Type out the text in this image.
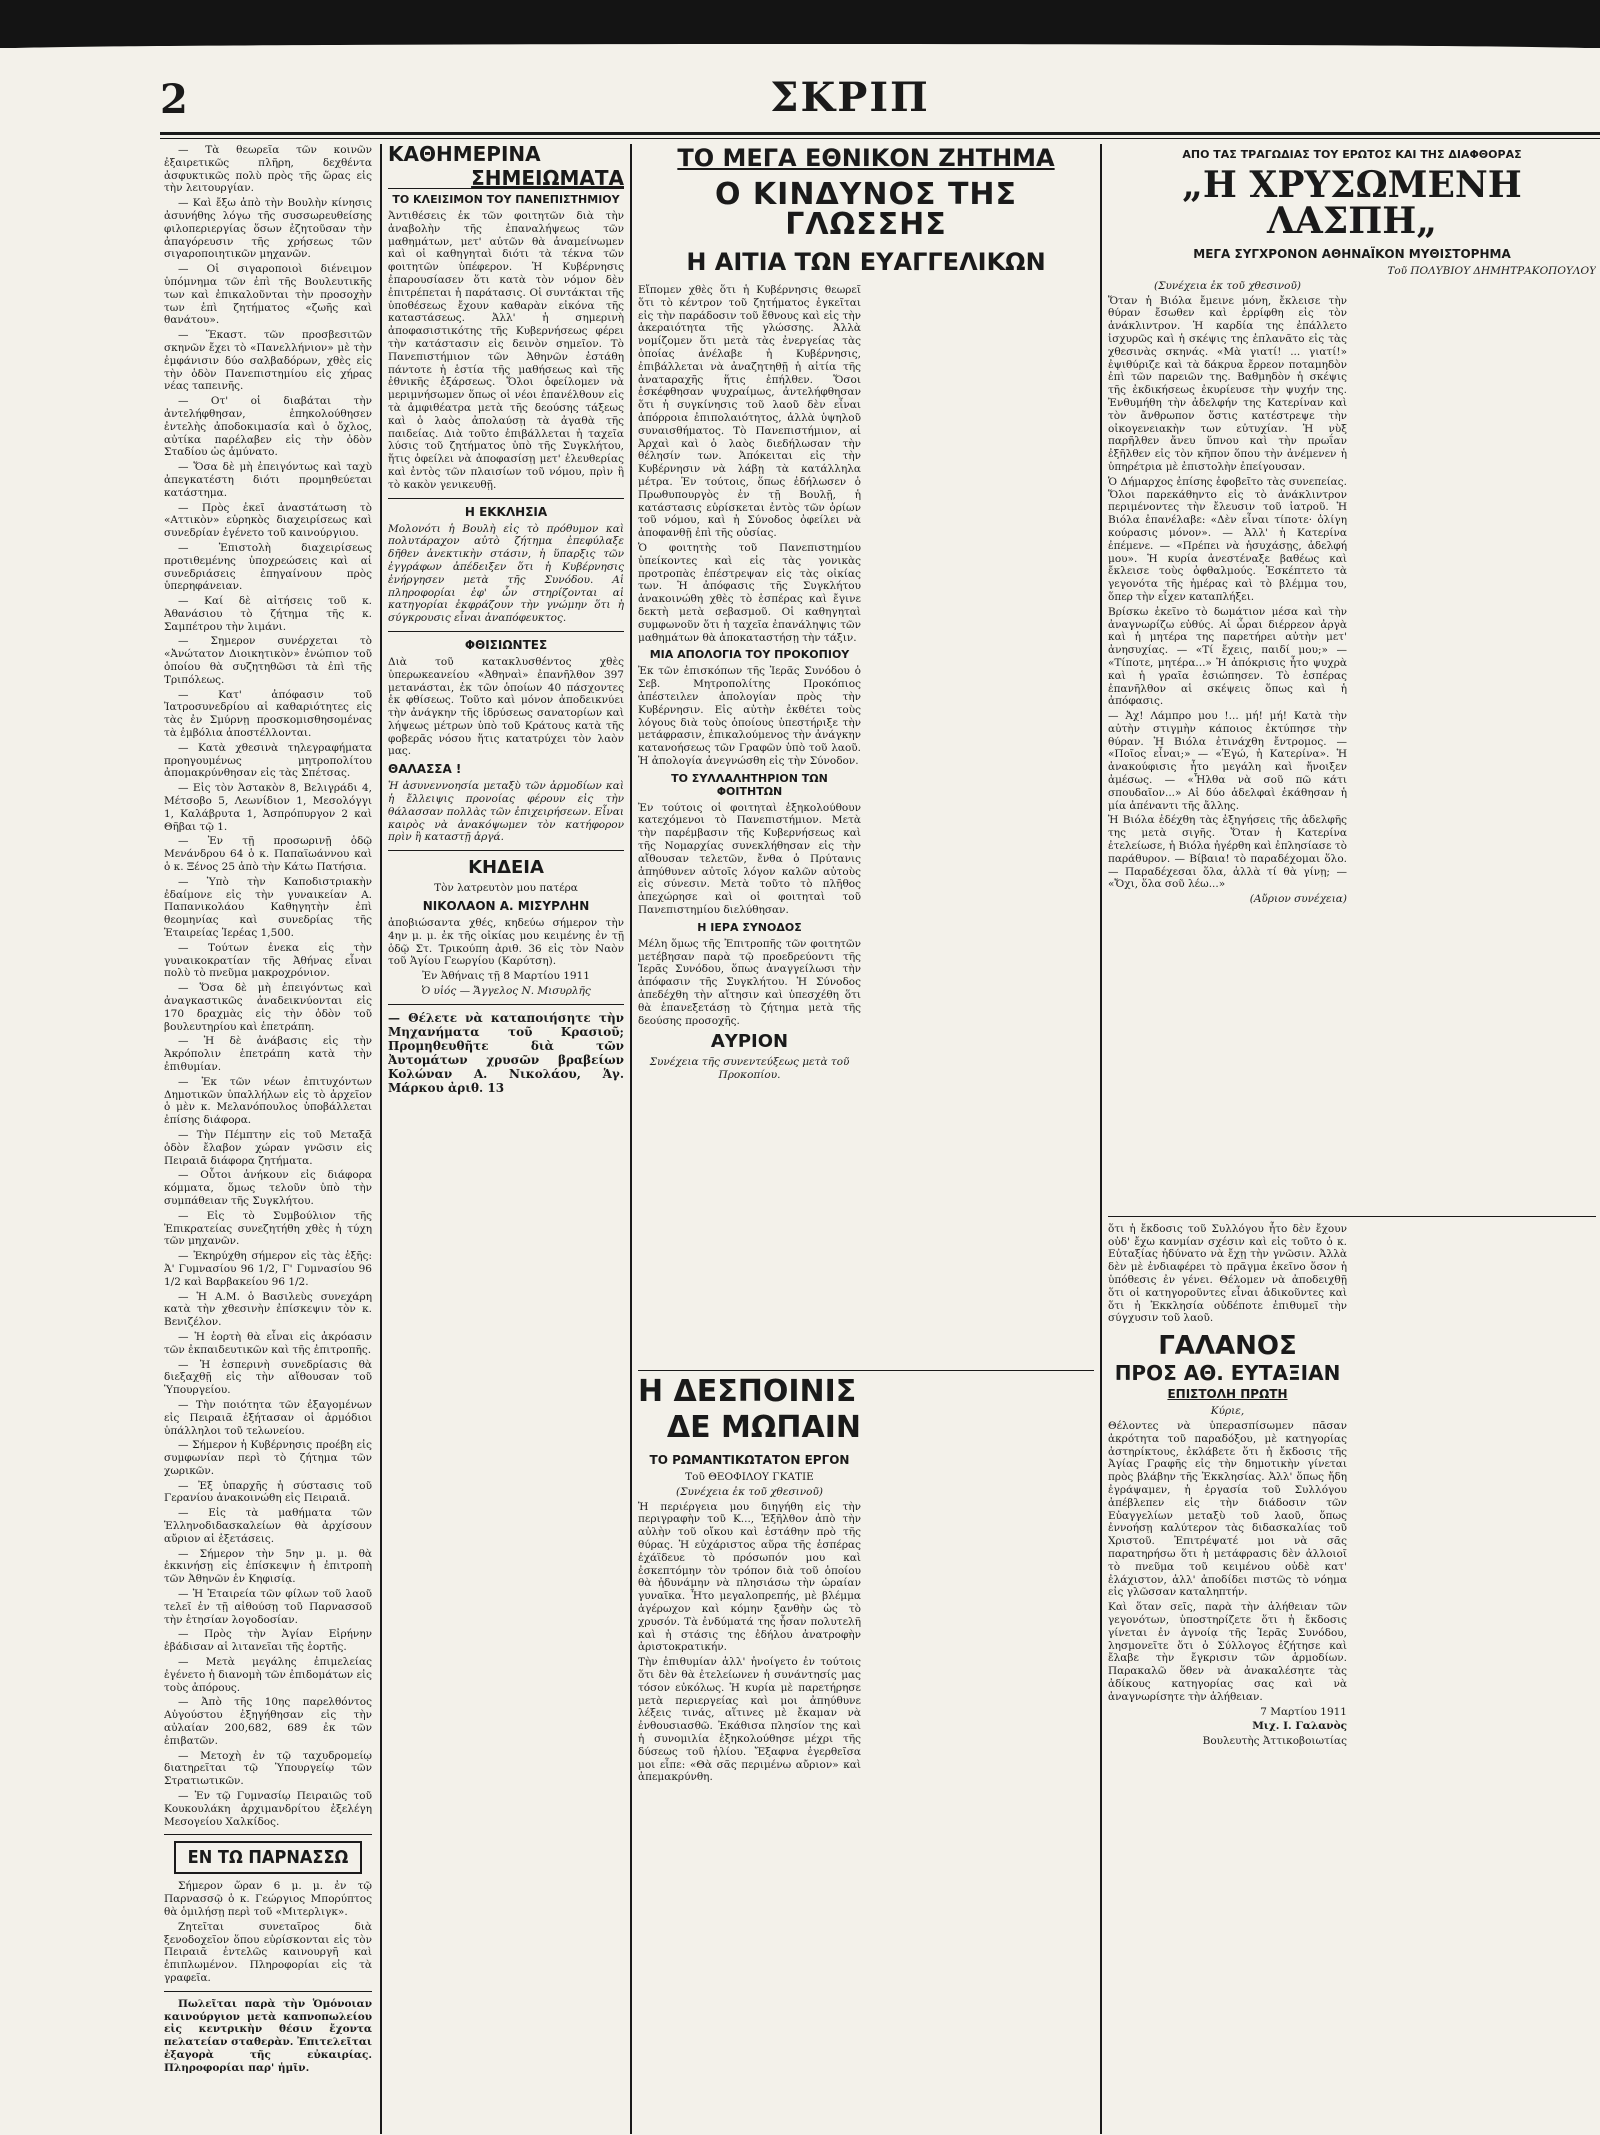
2	ΣΚΡΙΠ

— Τὰ θεωρεῖα τῶν κοινῶν ἐξαιρετικῶς πλῆρη, δεχθέντα ἀσφυκτικῶς πολὺ πρὸς τῆς ὥρας εἰς τὴν λειτουργίαν.

— Καὶ ἔξω ἀπὸ τὴν Βουλὴν κίνησις ἀσυνήθης λόγω τῆς συσσωρευθείσης φιλοπεριεργίας ὅσων ἐζητοῦσαν τὴν ἀπαγόρευσιν τῆς χρήσεως τῶν σιγαροποιητικῶν μηχανῶν.

— Οἱ σιγαροποιοὶ διένειμον ὑπόμνημα τῶν ἐπὶ τῆς Βουλευτικῆς των καὶ ἐπικαλοῦνται τὴν προσοχὴν των ἐπὶ ζητήματος «ζωῆς καὶ θανάτου».

— Ἕκαστ. τῶν προσβεσιτῶν σκηνῶν ἔχει τὸ «Πανελλήνιον» μὲ τὴν ἐμφάνισιν δύο σαλβαδόρων, χθὲς εἰς τὴν ὁδὸν Πανεπιστημίου εἰς χήρας νέας ταπεινῆς.

— Οτ' οἱ διαβάται τὴν ἀντελήφθησαν, ἐπηκολούθησεν ἐντελὴς ἀποδοκιμασία καὶ ὁ ὄχλος, αὐτίκα παρέλαβεν εἰς τὴν ὁδὸν Σταδίου ὡς ἀμύνατο.

— Ὅσα δὲ μὴ ἐπειγόντως καὶ ταχὺ ἀπεγκατέστη διότι προμηθεύεται κατάστημα.

— Πρὸς ἐκεῖ ἀναστάτωση τὸ «Αττικὸν» εὑρηκὸς διαχειρίσεως καὶ συνεδρίαν ἐγένετο τοῦ καινούργιου.

— Ἐπιστολὴ διαχειρίσεως προτιθεμένης ὑποχρεώσεις καὶ αἱ συνεδριάσεις ἐπηγαίνουν πρὸς ὑπερηφάνειαν.

— Καί δὲ αἰτήσεις τοῦ κ. Ἀθανάσιου τὸ ζήτημα τῆς κ. Σαμπέτρου τὴν λιμάνι.

— Σημερον συνέρχεται τὸ «Ἀνώτατον Διοικητικὸν» ἐνώπιον τοῦ ὁποίου θὰ συζητηθῶσι τὰ ἐπὶ τῆς Τριπόλεως.

— Κατ' ἀπόφασιν τοῦ Ἰατροσυνεδρίου αἱ καθαριότητες εἰς τὰς ἐν Σμύρνῃ προσκομισθησομένας τὰ ἐμβόλια ἀποστέλλονται.

— Κατὰ χθεσινὰ τηλεγραφήματα προηγουμένως μητροπολίτου ἀπομακρύνθησαν εἰς τὰς Σπέτσας.

— Εἰς τὸν Ἀστακὸν 8, Βελιγράδι 4, Μέτσοβο 5, Λεωνίδιον 1, Μεσολόγγι 1, Καλάβρυτα 1, Ἀσπρόπυργον 2 καὶ Θῆβαι τῷ 1.

— Ἐν τῇ προσωρινῇ ὁδῷ Μενάνδρου 64 ὁ κ. Παπαϊωάννου καὶ ὁ κ. Ξένος 25 ἀπὸ τὴν Κάτω Πατήσια.

— Ὑπὸ τὴν Καποδιστριακὴν ἐδαίμονε εἰς τὴν γυναικείαν Α. Παπανικολάου Καθηγητὴν ἐπὶ θεομηνίας καὶ συνεδρίας τῆς Ἑταιρείας Ἱερέας 1,500.

— Τούτων ἐνεκα εἰς τὴν γυναικοκρατίαν τῆς Ἀθήνας εἶναι πολὺ τὸ πνεῦμα μακροχρόνιον.

— Ὅσα δὲ μὴ ἐπειγόντως καὶ ἀναγκαστικῶς ἀναδεικνύονται εἰς 170 δραχμὰς εἰς τὴν ὁδὸν τοῦ βουλευτηρίου καὶ ἐπετράπη.

— Ἡ δὲ ἀνάβασις εἰς τὴν Ἀκρόπολιν ἐπετράπη κατὰ τὴν ἐπιθυμίαν.

— Ἐκ τῶν νέων ἐπιτυχόντων Δημοτικῶν ὑπαλλήλων εἰς τὸ ἀρχεῖον ὁ μὲν κ. Μελανόπουλος ὑποβάλλεται ἐπίσης διάφορα.

— Τὴν Πέμπτην εἰς τοῦ Μεταξᾶ ὁδὸν ἔλαβον χώραν γνῶσιν εἰς Πειραιᾶ διάφορα ζητήματα.

— Οὗτοι ἀνήκουν εἰς διάφορα κόμματα, ὅμως τελοῦν ὑπὸ τὴν συμπάθειαν τῆς Συγκλήτου.

— Εἰς τὸ Συμβούλιον τῆς Ἐπικρατείας συνεζητήθη χθὲς ἡ τύχη τῶν μηχανῶν.

— Ἐκηρύχθη σήμερον εἰς τὰς ἑξῆς: Ἀ' Γυμνασίου 96 1/2, Γ' Γυμνασίου 96 1/2 καὶ Βαρβακείου 96 1/2.

— Ἡ Α.Μ. ὁ Βασιλεὺς συνεχάρη κατὰ τὴν χθεσινὴν ἐπίσκεψιν τὸν κ. Βενιζέλον.

— Ἡ ἑορτὴ θὰ εἶναι εἰς ἀκρόασιν τῶν ἐκπαιδευτικῶν καὶ τῆς ἐπιτροπῆς.

— Ἡ ἐσπερινὴ συνεδρίασις θὰ διεξαχθῇ εἰς τὴν αἴθουσαν τοῦ Ὑπουργείου.

— Τὴν ποιότητα τῶν ἐξαγομένων εἰς Πειραιᾶ ἐξήτασαν οἱ ἁρμόδιοι ὑπάλληλοι τοῦ τελωνείου.

— Σήμερον ἡ Κυβέρνησις προέβη εἰς συμφωνίαν περὶ τὸ ζήτημα τῶν χωρικῶν.

— Ἐξ ὑπαρχῆς ἡ σύστασις τοῦ Γερανίου ἀνακοινώθη εἰς Πειραιᾶ.

— Εἰς τὰ μαθήματα τῶν Ἑλληνοδιδασκαλείων θὰ ἀρχίσουν αὔριον αἱ ἐξετάσεις.

— Σήμερον τὴν 5ην μ. μ. θὰ ἐκκινήσῃ εἰς ἐπίσκεψιν ἡ ἐπιτροπὴ τῶν Ἀθηνῶν ἐν Κηφισίᾳ.

— Ἡ Ἑταιρεία τῶν φίλων τοῦ λαοῦ τελεῖ ἐν τῇ αἰθούσῃ τοῦ Παρνασσοῦ τὴν ἐτησίαν λογοδοσίαν.

— Πρὸς τὴν Ἀγίαν Εἰρήνην ἐβάδισαν αἱ λιτανεῖαι τῆς ἑορτῆς.

— Μετὰ μεγάλης ἐπιμελείας ἐγένετο ἡ διανομὴ τῶν ἐπιδομάτων εἰς τοὺς ἀπόρους.

— Ἀπὸ τῆς 10ης παρελθόντος Αὐγούστου ἐξηγήθησαν εἰς τὴν αὐλαίαν 200,682, 689 ἐκ τῶν ἐπιβατῶν.

— Μετοχὴ ἐν τῷ ταχυδρομείῳ διατηρεῖται τῷ Ὑπουργείῳ τῶν Στρατιωτικῶν.

— Ἐν τῷ Γυμνασίῳ Πειραιῶς τοῦ Κουκουλάκη ἀρχιμανδρίτου ἐξελέγη Μεσογείου Χαλκίδος.

ΕΝ ΤΩ ΠΑΡΝΑΣΣΩ

Σήμερον ὥραν 6 μ. μ. ἐν τῷ Παρνασσῷ ὁ κ. Γεώργιος Μπορύπτος θὰ ὁμιλήσῃ περὶ τοῦ «Μιτερλιγκ».

Ζητεῖται συνεταῖρος διὰ ξενοδοχεῖον ὅπου εὑρίσκονται εἰς τὸν Πειραιᾶ ἐντελῶς καινουργῆ καὶ ἐπιπλωμένον. Πληροφορίαι εἰς τὰ γραφεῖα.

Πωλεῖται παρὰ τὴν Ὁμόνοιαν καινούργιον μετὰ καπνοπωλείου εἰς κεντρικὴν θέσιν ἔχοντα πελατείαν σταθερὰν. Ἐπιτελεῖται ἐξαγορὰ τῆς εὐκαιρίας. Πληροφορίαι παρ' ἡμῖν.

ΚΑΘΗΜΕΡΙΝΑ
ΣΗΜΕΙΩΜΑΤΑ
ΤΟ ΚΛΕΙΣΙΜΟΝ ΤΟΥ ΠΑΝΕΠΙΣΤΗΜΙΟΥ

Ἀντιθέσεις ἐκ τῶν φοιτητῶν διὰ τὴν ἀναβολὴν τῆς ἐπαναλήψεως τῶν μαθημάτων, μετ' αὐτῶν θὰ ἀναμείνωμεν καὶ οἱ καθηγηταὶ διότι τὰ τέκνα τῶν φοιτητῶν ὑπέφερον. Ἡ Κυβέρνησις ἐπαρουσίασεν ὅτι κατὰ τὸν νόμον δὲν ἐπιτρέπεται ἡ παράτασις. Οἱ συντάκται τῆς ὑποθέσεως ἔχουν καθαρὰν εἰκόνα τῆς καταστάσεως. Ἀλλ' ἡ σημερινὴ ἀποφασιστικότης τῆς Κυβερνήσεως φέρει τὴν κατάστασιν εἰς δεινὸν σημεῖον. Τὸ Πανεπιστήμιον τῶν Ἀθηνῶν ἐστάθη πάντοτε ἡ ἑστία τῆς μαθήσεως καὶ τῆς ἐθνικῆς ἐξάρσεως. Ὅλοι ὀφείλομεν νὰ μεριμνήσωμεν ὅπως οἱ νέοι ἐπανέλθουν εἰς τὰ ἀμφιθέατρα μετὰ τῆς δεούσης τάξεως καὶ ὁ λαὸς ἀπολαύσῃ τὰ ἀγαθὰ τῆς παιδείας. Διὰ τοῦτο ἐπιβάλλεται ἡ ταχεῖα λύσις τοῦ ζητήματος ὑπὸ τῆς Συγκλήτου, ἥτις ὀφείλει νὰ ἀποφασίσῃ μετ' ἐλευθερίας καὶ ἐντὸς τῶν πλαισίων τοῦ νόμου, πρὶν ἢ τὸ κακὸν γενικευθῇ.

Η ΕΚΚΛΗΣΙΑ

Μολονότι ἡ Βουλὴ εἰς τὸ πρόθυμον καὶ πολυτάραχον αὐτὸ ζήτημα ἐπεφύλαξε δῆθεν ἀνεκτικὴν στάσιν, ἡ ὕπαρξις τῶν ἐγγράφων ἀπέδειξεν ὅτι ἡ Κυβέρνησις ἐνήργησεν μετὰ τῆς Συνόδου. Αἱ πληροφορίαι ἐφ' ὧν στηρίζονται αἱ κατηγορίαι ἐκφράζουν τὴν γνώμην ὅτι ἡ σύγκρουσις εἶναι ἀναπόφευκτος.

ΦΘΙΣΙΩΝΤΕΣ

Διὰ τοῦ κατακλυσθέντος χθὲς ὑπερωκεανείου «Ἀθηναὶ» ἐπανῆλθον 397 μετανάσται, ἐκ τῶν ὁποίων 40 πάσχοντες ἐκ φθίσεως. Τοῦτο καὶ μόνον ἀποδεικνύει τὴν ἀνάγκην τῆς ἱδρύσεως σανατορίων καὶ λήψεως μέτρων ὑπὸ τοῦ Κράτους κατὰ τῆς φοβερᾶς νόσου ἥτις κατατρύχει τὸν λαὸν μας.

ΘΑΛΑΣΣΑ !

Ἡ ἀσυνεννοησία μεταξὺ τῶν ἀρμοδίων καὶ ἡ ἔλλειψις προνοίας φέρουν εἰς τὴν θάλασσαν πολλὰς τῶν ἐπιχειρήσεων. Εἶναι καιρὸς νὰ ἀνακόψωμεν τὸν κατήφορον πρὶν ἢ καταστῇ ἀργά.

ΚΗΔΕΙΑ
Τὸν λατρευτὸν μου πατέρα
ΝΙΚΟΛΑΟΝ Α. ΜΙΣΥΡΛΗΝ

ἀποβιώσαντα χθές, κηδεύω σήμερον τὴν 4ην μ. μ. ἐκ τῆς οἰκίας μου κειμένης ἐν τῇ ὁδῷ Στ. Τρικούπη ἀριθ. 36 εἰς τὸν Ναὸν τοῦ Ἁγίου Γεωργίου (Καρύτση).

Ἐν Ἀθήναις τῇ 8 Μαρτίου 1911
Ὁ υἱός — Ἄγγελος Ν. Μισυρλῆς

— Θέλετε νὰ καταποιήσητε τὴν Μηχανήματα τοῦ Κρασιοῦ; Προμηθευθῆτε διὰ τῶν Ἀυτομάτων χρυσῶν βραβείων Κολώναν Α. Νικολάου, Ἁγ. Μάρκου ἀριθ. 13

ΤΟ ΜΕΓΑ ΕΘΝΙΚΟΝ ΖΗΤΗΜΑ
Ο ΚΙΝΔΥΝΟΣ ΤΗΣ ΓΛΩΣΣΗΣ
Η ΑΙΤΙΑ ΤΩΝ ΕΥΑΓΓΕΛΙΚΩΝ

Εἴπομεν χθὲς ὅτι ἡ Κυβέρνησις θεωρεῖ ὅτι τὸ κέντρον τοῦ ζητήματος ἐγκεῖται εἰς τὴν παράδοσιν τοῦ ἔθνους καὶ εἰς τὴν ἀκεραιότητα τῆς γλώσσης. Ἀλλὰ νομίζομεν ὅτι μετὰ τὰς ἐνεργείας τὰς ὁποίας ἀνέλαβε ἡ Κυβέρνησις, ἐπιβάλλεται νὰ ἀναζητηθῇ ἡ αἰτία τῆς ἀναταραχῆς ἥτις ἐπήλθεν. Ὅσοι ἐσκέφθησαν ψυχραίμως, ἀντελήφθησαν ὅτι ἡ συγκίνησις τοῦ λαοῦ δὲν εἶναι ἀπόρροια ἐπιπολαιότητος, ἀλλὰ ὑψηλοῦ συναισθήματος. Τὸ Πανεπιστήμιον, αἱ Ἀρχαὶ καὶ ὁ λαὸς διεδήλωσαν τὴν θέλησίν των. Ἀπόκειται εἰς τὴν Κυβέρνησιν νὰ λάβῃ τὰ κατάλληλα μέτρα. Ἐν τούτοις, ὅπως ἐδήλωσεν ὁ Πρωθυπουργὸς ἐν τῇ Βουλῇ, ἡ κατάστασις εὑρίσκεται ἐντὸς τῶν ὁρίων τοῦ νόμου, καὶ ἡ Σύνοδος ὀφείλει νὰ ἀποφανθῇ ἐπὶ τῆς οὐσίας.

Ὁ φοιτητὴς τοῦ Πανεπιστημίου ὑπείκοντες καὶ εἰς τὰς γονικὰς προτροπὰς ἐπέστρεψαν εἰς τὰς οἰκίας των. Ἡ ἀπόφασις τῆς Συγκλήτου ἀνακοινώθη χθὲς τὸ ἑσπέρας καὶ ἔγινε δεκτὴ μετὰ σεβασμοῦ. Οἱ καθηγηταὶ συμφωνοῦν ὅτι ἡ ταχεῖα ἐπανάληψις τῶν μαθημάτων θὰ ἀποκαταστήσῃ τὴν τάξιν.

ΜΙΑ ΑΠΟΛΟΓΙΑ ΤΟΥ ΠΡΟΚΟΠΙΟΥ

Ἐκ τῶν ἐπισκόπων τῆς Ἱερᾶς Συνόδου ὁ Σεβ. Μητροπολίτης Προκόπιος ἀπέστειλεν ἀπολογίαν πρὸς τὴν Κυβέρνησιν. Εἰς αὐτὴν ἐκθέτει τοὺς λόγους διὰ τοὺς ὁποίους ὑπεστήριξε τὴν μετάφρασιν, ἐπικαλούμενος τὴν ἀνάγκην κατανοήσεως τῶν Γραφῶν ὑπὸ τοῦ λαοῦ. Ἡ ἀπολογία ἀνεγνώσθη εἰς τὴν Σύνοδον.

ΤΟ ΣΥΛΛΑΛΗΤΗΡΙΟΝ ΤΩΝ ΦΟΙΤΗΤΩΝ

Ἐν τούτοις οἱ φοιτηταὶ ἐξηκολούθουν κατεχόμενοι τὸ Πανεπιστήμιον. Μετὰ τὴν παρέμβασιν τῆς Κυβερνήσεως καὶ τῆς Νομαρχίας συνεκλήθησαν εἰς τὴν αἴθουσαν τελετῶν, ἔνθα ὁ Πρύτανις ἀπηύθυνεν αὐτοῖς λόγον καλῶν αὐτοὺς εἰς σύνεσιν. Μετὰ τοῦτο τὸ πλῆθος ἀπεχώρησε καὶ οἱ φοιτηταὶ τοῦ Πανεπιστημίου διελύθησαν.

Η ΙΕΡΑ ΣΥΝΟΔΟΣ

Μέλη ὅμως τῆς Ἐπιτροπῆς τῶν φοιτητῶν μετέβησαν παρὰ τῷ προεδρεύοντι τῆς Ἱερᾶς Συνόδου, ὅπως ἀναγγείλωσι τὴν ἀπόφασιν τῆς Συγκλήτου. Ἡ Σύνοδος ἀπεδέχθη τὴν αἴτησιν καὶ ὑπεσχέθη ὅτι θὰ ἐπανεξετάσῃ τὸ ζήτημα μετὰ τῆς δεούσης προσοχῆς.

ΑΥΡΙΟΝ
Συνέχεια τῆς συνεντεύξεως μετὰ τοῦ Προκοπίου.
Η ΔΕΣΠΟΙΝΙΣ
ΔΕ ΜΩΠΑΙΝ
ΤΟ ΡΩΜΑΝΤΙΚΩΤΑΤΟΝ ΕΡΓΟΝ
Τοῦ ΘΕΟΦΙΛΟΥ ΓΚΑΤΙΕ
(Συνέχεια ἐκ τοῦ χθεσινοῦ)

Ἡ περιέργεια μου διηγήθη εἰς τὴν περιγραφὴν τοῦ Κ..., Ἐξῆλθον ἀπὸ τὴν αὐλὴν τοῦ οἴκου καὶ ἐστάθην πρὸ τῆς θύρας. Ἡ εὐχάριστος αὕρα τῆς ἑσπέρας ἐχάϊδευε τὸ πρόσωπόν μου καὶ ἐσκεπτόμην τὸν τρόπον διὰ τοῦ ὁποίου θὰ ἠδυνάμην νὰ πλησιάσω τὴν ὡραίαν γυναῖκα. Ἦτο μεγαλοπρεπής, μὲ βλέμμα ἀγέρωχον καὶ κόμην ξανθὴν ὡς τὸ χρυσόν. Τὰ ἐνδύματά της ἦσαν πολυτελῆ καὶ ἡ στάσις της ἐδήλου ἀνατροφὴν ἀριστοκρατικήν.

Τὴν ἐπιθυμίαν ἀλλ' ἠνοίγετο ἐν τούτοις ὅτι δὲν θὰ ἐτελείωνεν ἡ συνάντησίς μας τόσον εὐκόλως. Ἡ κυρία μὲ παρετήρησε μετὰ περιεργείας καὶ μοι ἀπηύθυνε λέξεις τινάς, αἵτινες μὲ ἔκαμαν νὰ ἐνθουσιασθῶ. Ἐκάθισα πλησίον της καὶ ἡ συνομιλία ἐξηκολούθησε μέχρι τῆς δύσεως τοῦ ἡλίου. Ἔξαφνα ἐγερθεῖσα μοι εἶπε: «Θὰ σᾶς περιμένω αὔριον» καὶ ἀπεμακρύνθη.

ΑΠΟ ΤΑΣ ΤΡΑΓΩΔΙΑΣ ΤΟΥ ΕΡΩΤΟΣ ΚΑΙ ΤΗΣ ΔΙΑΦΘΟΡΑΣ
„Η ΧΡΥΣΩΜΕΝΗ ΛΑΣΠΗ„
ΜΕΓΑ ΣΥΓΧΡΟΝΟΝ ΑΘΗΝΑΪΚΟΝ ΜΥΘΙΣΤΟΡΗΜΑ
Τοῦ ΠΟΛΥΒΙΟΥ ΔΗΜΗΤΡΑΚΟΠΟΥΛΟΥ
(Συνέχεια ἐκ τοῦ χθεσινοῦ)

Ὅταν ἡ Βιόλα ἔμεινε μόνη, ἔκλεισε τὴν θύραν ἔσωθεν καὶ ἐρρίφθη εἰς τὸν ἀνάκλιντρον. Ἡ καρδία της ἐπάλλετο ἰσχυρῶς καὶ ἡ σκέψις της ἐπλανᾶτο εἰς τὰς χθεσινὰς σκηνάς. «Μὰ γιατί! ... γιατί!» ἐψιθύριζε καὶ τὰ δάκρυα ἔρρεον ποταμηδὸν ἐπὶ τῶν παρειῶν της. Βαθμηδὸν ἡ σκέψις τῆς ἐκδικήσεως ἐκυρίευσε τὴν ψυχήν της. Ἐνθυμήθη τὴν ἀδελφήν της Κατερίναν καὶ τὸν ἄνθρωπον ὅστις κατέστρεψε τὴν οἰκογενειακὴν των εὐτυχίαν. Ἡ νὺξ παρῆλθεν ἄνευ ὕπνου καὶ τὴν πρωΐαν ἐξῆλθεν εἰς τὸν κῆπον ὅπου τὴν ἀνέμενεν ἡ ὑπηρέτρια μὲ ἐπιστολὴν ἐπείγουσαν.

Ὁ Δήμαρχος ἐπίσης ἐφοβεῖτο τὰς συνεπείας. Ὅλοι παρεκάθηντο εἰς τὸ ἀνάκλιντρον περιμένοντες τὴν ἔλευσιν τοῦ ἰατροῦ. Ἡ Βιόλα ἐπανέλαβε: «Δὲν εἶναι τίποτε· ὀλίγη κούρασις μόνον». — Ἀλλ' ἡ Κατερίνα ἐπέμενε. — «Πρέπει νὰ ἡσυχάσῃς, ἀδελφή μου». Ἡ κυρία ἀνεστέναξε βαθέως καὶ ἔκλεισε τοὺς ὀφθαλμούς. Ἐσκέπτετο τὰ γεγονότα τῆς ἡμέρας καὶ τὸ βλέμμα του, ὅπερ τὴν εἶχεν καταπλήξει.

Βρίσκω ἐκεῖνο τὸ δωμάτιον μέσα καὶ τὴν ἀναγνωρίζω εὐθύς. Αἱ ὧραι διέρρεον ἀργὰ καὶ ἡ μητέρα της παρετήρει αὐτὴν μετ' ἀνησυχίας. — «Τί ἔχεις, παιδί μου;» — «Τίποτε, μητέρα...» Ἡ ἀπόκρισις ἦτο ψυχρὰ καὶ ἡ γραῖα ἐσιώπησεν. Τὸ ἑσπέρας ἐπανῆλθον αἱ σκέψεις ὅπως καὶ ἡ ἀπόφασις.

— Ἀχ! Λάμπρο μου !... μή! μή! Κατὰ τὴν αὐτὴν στιγμὴν κάποιος ἐκτύπησε τὴν θύραν. Ἡ Βιόλα ἐτινάχθη ἔντρομος. — «Ποῖος εἶναι;» — «Ἐγώ, ἡ Κατερίνα». Ἡ ἀνακούφισις ἦτο μεγάλη καὶ ἤνοιξεν ἀμέσως. — «Ἦλθα νὰ σοῦ πῶ κάτι σπουδαῖον...» Αἱ δύο ἀδελφαὶ ἐκάθησαν ἡ μία ἀπέναντι τῆς ἄλλης.

Ἡ Βιόλα ἐδέχθη τὰς ἐξηγήσεις τῆς ἀδελφῆς της μετὰ σιγῆς. Ὅταν ἡ Κατερίνα ἐτελείωσε, ἡ Βιόλα ἠγέρθη καὶ ἐπλησίασε τὸ παράθυρον. — Βίβαια! τὸ παραδέχομαι ὅλο. — Παραδέχεσαι ὅλα, ἀλλὰ τί θὰ γίνῃ; — «Ὄχι, ὅλα σοῦ λέω...»

(Αὔριον συνέχεια)

ὅτι ἡ ἔκδοσις τοῦ Συλλόγου ἦτο δὲν ἔχουν οὐδ' ἔχω κανμίαν σχέσιν καὶ εἰς τοῦτο ὁ κ. Εὐταξίας ἠδύνατο νὰ ἔχῃ τὴν γνῶσιν. Ἀλλὰ δὲν μὲ ἐνδιαφέρει τὸ πρᾶγμα ἐκεῖνο ὅσον ἡ ὑπόθεσις ἐν γένει. Θέλομεν νὰ ἀποδειχθῇ ὅτι οἱ κατηγοροῦντες εἶναι ἀδικοῦντες καὶ ὅτι ἡ Ἐκκλησία οὐδέποτε ἐπιθυμεῖ τὴν σύγχυσιν τοῦ λαοῦ.

ΓΑΛΑΝΟΣ
ΠΡΟΣ ΑΘ. ΕΥΤΑΞΙΑΝ
ΕΠΙΣΤΟΛΗ ΠΡΩΤΗ
Κύριε,

Θέλοντες νὰ ὑπερασπίσωμεν πᾶσαν ἀκρότητα τοῦ παραδόξου, μὲ κατηγορίας ἀστηρίκτους, ἐκλάβετε ὅτι ἡ ἔκδοσις τῆς Ἀγίας Γραφῆς εἰς τὴν δημοτικὴν γίνεται πρὸς βλάβην τῆς Ἐκκλησίας. Ἀλλ' ὅπως ἤδη ἐγράψαμεν, ἡ ἐργασία τοῦ Συλλόγου ἀπέβλεπεν εἰς τὴν διάδοσιν τῶν Εὐαγγελίων μεταξὺ τοῦ λαοῦ, ὅπως ἐννοήσῃ καλύτερον τὰς διδασκαλίας τοῦ Χριστοῦ. Ἐπιτρέψατέ μοι νὰ σᾶς παρατηρήσω ὅτι ἡ μετάφρασις δὲν ἀλλοιοῖ τὸ πνεῦμα τοῦ κειμένου οὐδὲ κατ' ἐλάχιστον, ἀλλ' ἀποδίδει πιστῶς τὸ νόημα εἰς γλῶσσαν καταληπτήν.

Καὶ ὅταν σεῖς, παρὰ τὴν ἀλήθειαν τῶν γεγονότων, ὑποστηρίζετε ὅτι ἡ ἔκδοσις γίνεται ἐν ἀγνοίᾳ τῆς Ἱερᾶς Συνόδου, λησμονεῖτε ὅτι ὁ Σύλλογος ἐζήτησε καὶ ἔλαβε τὴν ἔγκρισιν τῶν ἁρμοδίων. Παρακαλῶ ὅθεν νὰ ἀνακαλέσητε τὰς ἀδίκους κατηγορίας σας καὶ νὰ ἀναγνωρίσητε τὴν ἀλήθειαν.

7 Μαρτίου 1911
Μιχ. Ι. Γαλανὸς
Βουλευτὴς Ἀττικοβοιωτίας
